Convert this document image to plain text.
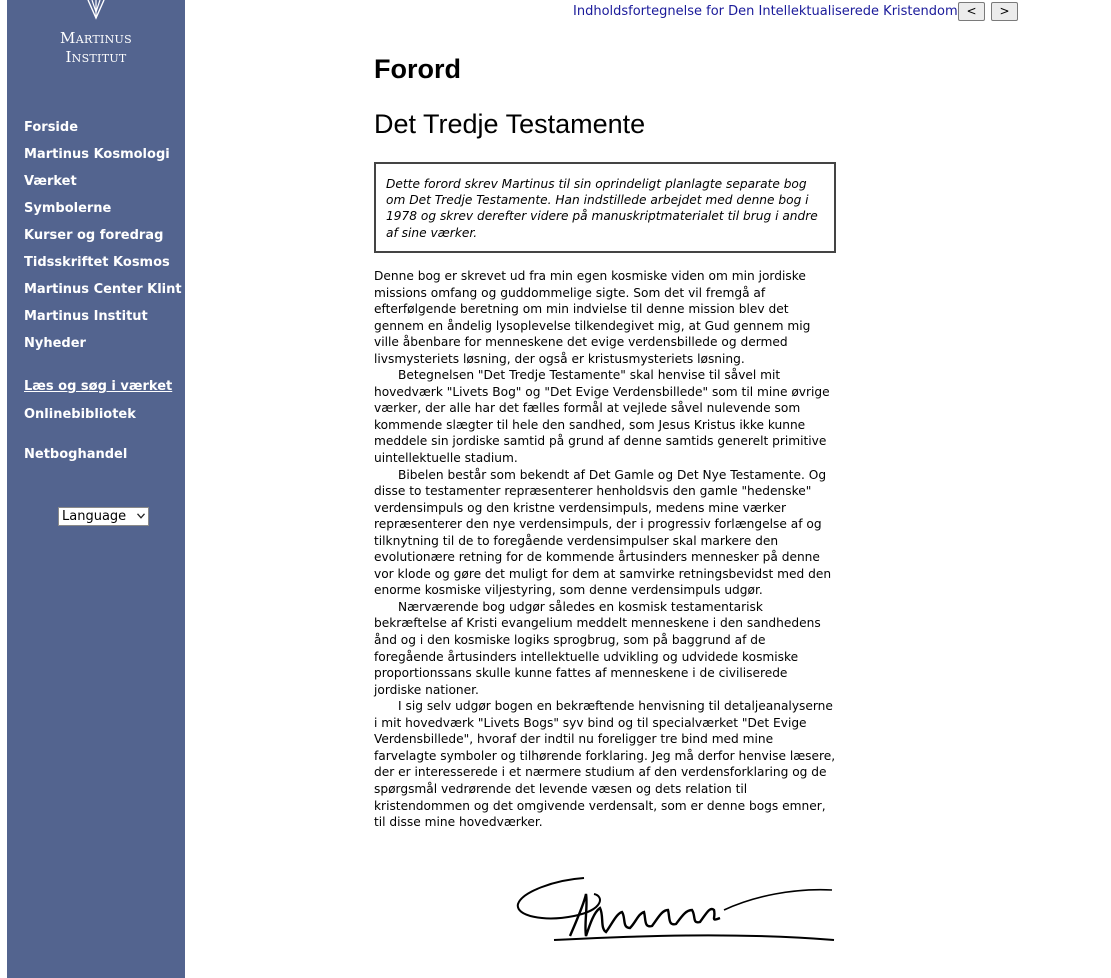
Martinus
Institut
Forside
Martinus Kosmologi
Værket
Symbolerne
Kurser og foredrag
Tidsskriftet Kosmos
Martinus Center Klint
Martinus Institut
Nyheder
Læs og søg i værket
Onlinebibliotek
Netboghandel
Language
Indholdsfortegnelse for Den Intellektualiserede Kristendom <	>
Forord
Det Tredje Testamente
Dette forord skrev Martinus til sin oprindeligt planlagte separate bog om Det Tredje Testamente. Han indstillede arbejdet med denne bog i 1978 og skrev derefter videre på manuskriptmaterialet til brug i andre af sine værker.

Denne bog er skrevet ud fra min egen kosmiske viden om min jordiske missions omfang og guddommelige sigte. Som det vil fremgå af efterfølgende beretning om min indvielse til denne mission blev det gennem en åndelig lysoplevelse tilkendegivet mig, at Gud gennem mig ville åbenbare for menneskene det evige verdensbillede og dermed livsmysteriets løsning, der også er kristusmysteriets løsning.

Betegnelsen "Det Tredje Testamente" skal henvise til såvel mit hovedværk "Livets Bog" og "Det Evige Verdensbillede" som til mine øvrige værker, der alle har det fælles formål at vejlede såvel nulevende som kommende slægter til hele den sandhed, som Jesus Kristus ikke kunne meddele sin jordiske samtid på grund af denne samtids generelt primitive uintellektuelle stadium.

Bibelen består som bekendt af Det Gamle og Det Nye Testamente. Og disse to testamenter repræsenterer henholdsvis den gamle "hedenske" verdensimpuls og den kristne verdensimpuls, medens mine værker repræsenterer den nye verdensimpuls, der i progressiv forlængelse af og tilknytning til de to foregående verdensimpulser skal markere den evolutionære retning for de kommende årtusinders mennesker på denne vor klode og gøre det muligt for dem at samvirke retningsbevidst med den enorme kosmiske viljestyring, som denne verdensimpuls udgør.

Nærværende bog udgør således en kosmisk testamentarisk bekræftelse af Kristi evangelium meddelt menneskene i den sandhedens ånd og i den kosmiske logiks sprogbrug, som på baggrund af de foregående årtusinders intellektuelle udvikling og udvidede kosmiske proportionssans skulle kunne fattes af menneskene i de civiliserede jordiske nationer.

I sig selv udgør bogen en bekræftende henvisning til detaljeanalyserne i mit hovedværk "Livets Bogs" syv bind og til specialværket "Det Evige Verdensbillede", hvoraf der indtil nu foreligger tre bind med mine farvelagte symboler og tilhørende forklaring. Jeg må derfor henvise læsere, der er interesserede i et nærmere studium af den verdensforklaring og de spørgsmål vedrørende det levende væsen og dets relation til kristendommen og det omgivende verdensalt, som er denne bogs emner, til disse mine hovedværker.
